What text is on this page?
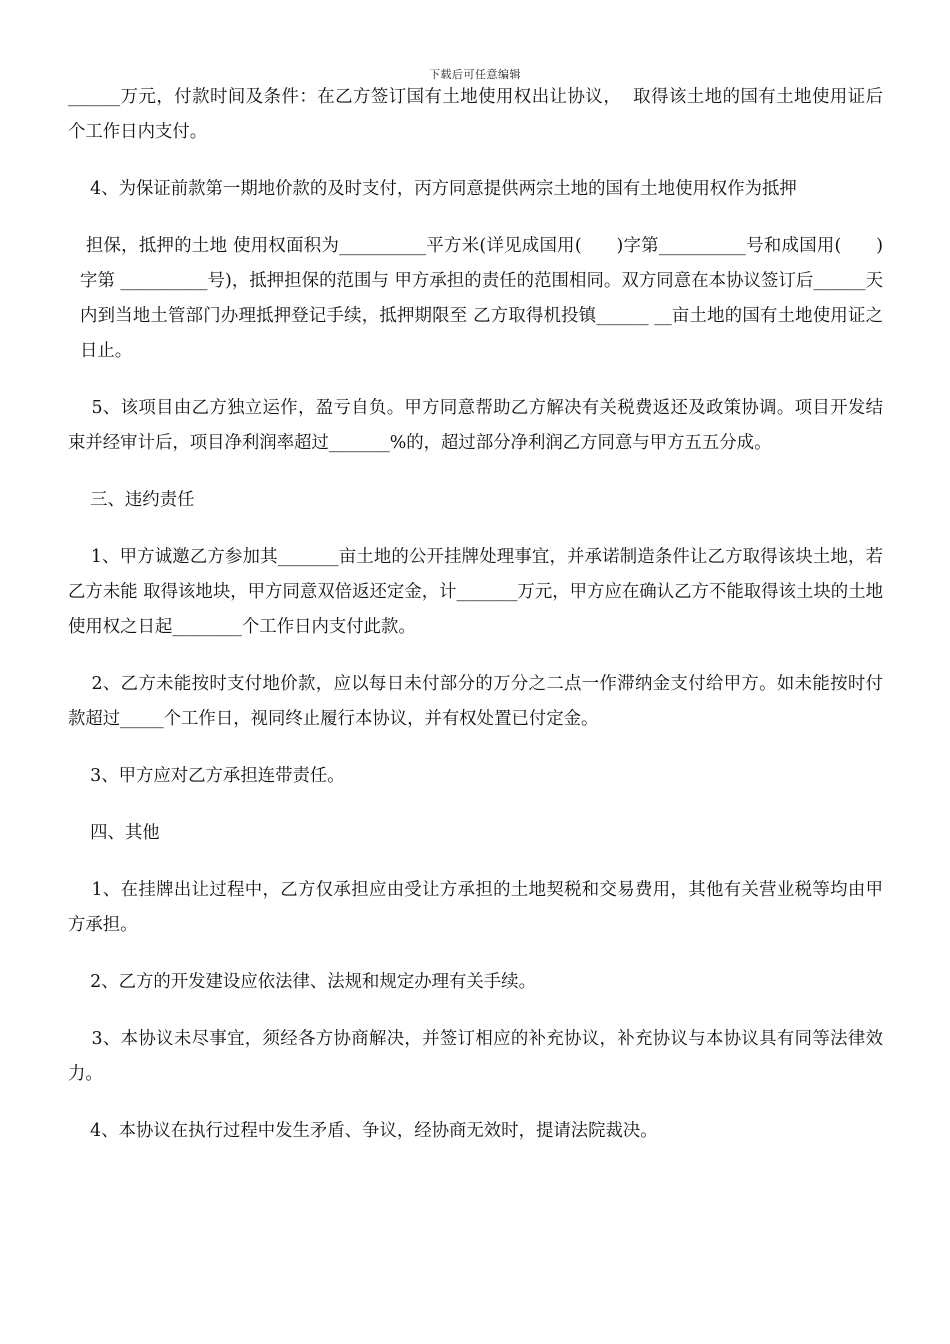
下载后可任意编辑

______万元，付款时间及条件：在乙方签订国有土地使用权出让协议，  取得该土地的国有土地使用证后        个工作日内支付。

4、为保证前款第一期地价款的及时支付，丙方同意提供两宗土地的国有土地使用权作为抵押

担保，抵押的土地 使用权面积为__________平方米(详见成国用(      )字第__________号和成国用(      )字第 __________号)，抵押担保的范围与 甲方承担的责任的范围相同。双方同意在本协议签订后______天内到当地土管部门办理抵押登记手续，抵押期限至 乙方取得机投镇______ __亩土地的国有土地使用证之日止。

5、该项目由乙方独立运作，盈亏自负。甲方同意帮助乙方解决有关税费返还及政策协调。项目开发结束并经审计后，项目净利润率超过_______%的，超过部分净利润乙方同意与甲方五五分成。

三、违约责任

1、甲方诚邀乙方参加其_______亩土地的公开挂牌处理事宜，并承诺制造条件让乙方取得该块土地，若乙方未能 取得该地块，甲方同意双倍返还定金，计_______万元，甲方应在确认乙方不能取得该土块的土地使用权之日起________个工作日内支付此款。

2、乙方未能按时支付地价款，应以每日未付部分的万分之二点一作滞纳金支付给甲方。如未能按时付款超过_____个工作日，视同终止履行本协议，并有权处置已付定金。

3、甲方应对乙方承担连带责任。

四、其他

1、在挂牌出让过程中，乙方仅承担应由受让方承担的土地契税和交易费用，其他有关营业税等均由甲方承担。

2、乙方的开发建设应依法律、法规和规定办理有关手续。

3、本协议未尽事宜，须经各方协商解决，并签订相应的补充协议，补充协议与本协议具有同等法律效力。

4、本协议在执行过程中发生矛盾、争议，经协商无效时，提请法院裁决。
